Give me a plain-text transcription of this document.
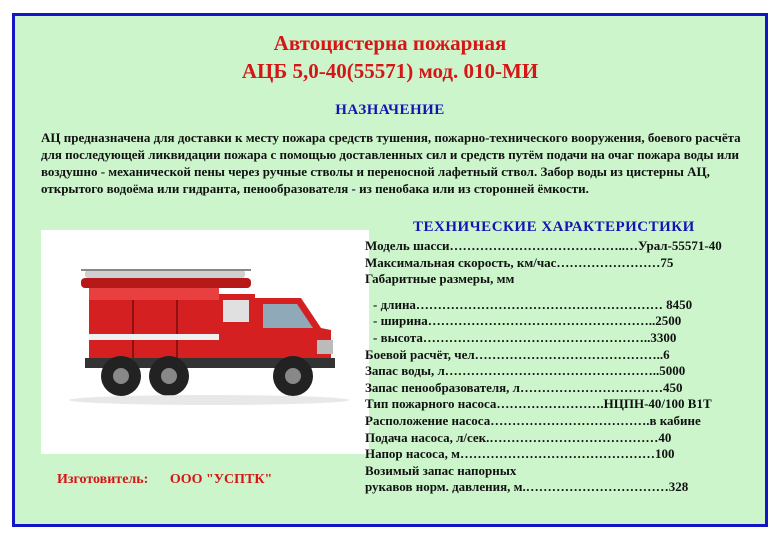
Автоцистерна пожарная
АЦБ 5,0-40(55571) мод. 010-МИ
НАЗНАЧЕНИЕ
АЦ предназначена для доставки к месту пожара средств тушения, пожарно-технического вооружения, боевого расчёта для последующей ликвидации пожара с помощью доставленных сил и средств путём подачи на очаг пожара воды или воздушно - механической пены через ручные стволы и переносной лафетный ствол. Забор воды из цистерны АЦ, открытого водоёма или гидранта, пенообразователя - из пенобака или из сторонней ёмкости.
Изготовитель: ООО "УСПТК"
ТЕХНИЧЕСКИЕ ХАРАКТЕРИСТИКИ
Модель шасси…………………………………..…Урал-55571-40
Максимальная скорость, км/час……………………75
Габаритные размеры, мм
- длина………………………………………………… 8450
- ширина……………………………………………..2500
- высота……………………………………………..3300
Боевой расчёт, чел……………………………………..6
Запас воды, л…………………………………………..5000
Запас пенообразователя, л……………………………450
Тип пожарного насоса…………………….НЦПН-40/100 В1Т
Расположение насоса……………………………….в кабине
Подача насоса, л/сек.…………………………………40
Напор насоса, м………………………………………100
Возимый запас напорных
рукавов норм. давления, м.……………………………328
